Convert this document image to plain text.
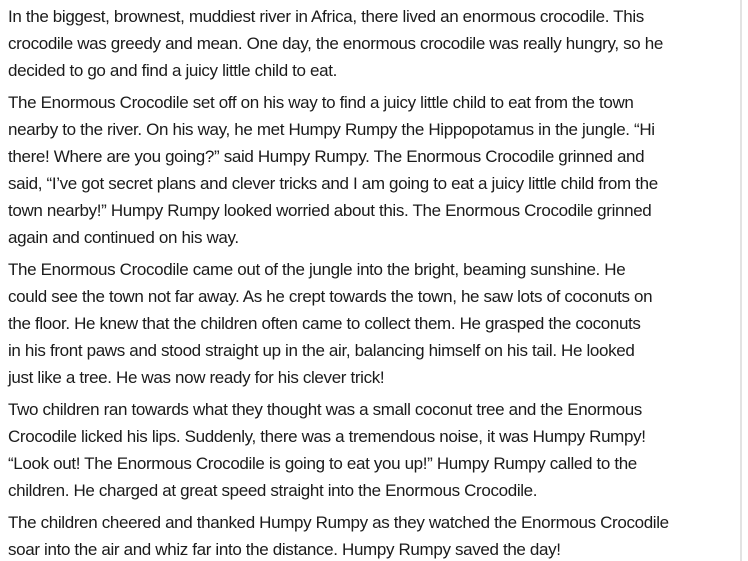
In the biggest, brownest, muddiest river in Africa, there lived an enormous crocodile. This
crocodile was greedy and mean. One day, the enormous crocodile was really hungry, so he
decided to go and find a juicy little child to eat.
The Enormous Crocodile set off on his way to find a juicy little child to eat from the town
nearby to the river. On his way, he met Humpy Rumpy the Hippopotamus in the jungle. “Hi
there! Where are you going?” said Humpy Rumpy. The Enormous Crocodile grinned and
said, “I’ve got secret plans and clever tricks and I am going to eat a juicy little child from the
town nearby!” Humpy Rumpy looked worried about this. The Enormous Crocodile grinned
again and continued on his way.
The Enormous Crocodile came out of the jungle into the bright, beaming sunshine. He
could see the town not far away. As he crept towards the town, he saw lots of coconuts on
the floor. He knew that the children often came to collect them. He grasped the coconuts
in his front paws and stood straight up in the air, balancing himself on his tail. He looked
just like a tree. He was now ready for his clever trick!
Two children ran towards what they thought was a small coconut tree and the Enormous
Crocodile licked his lips. Suddenly, there was a tremendous noise, it was Humpy Rumpy!
“Look out! The Enormous Crocodile is going to eat you up!” Humpy Rumpy called to the
children. He charged at great speed straight into the Enormous Crocodile.
The children cheered and thanked Humpy Rumpy as they watched the Enormous Crocodile
soar into the air and whiz far into the distance. Humpy Rumpy saved the day!
